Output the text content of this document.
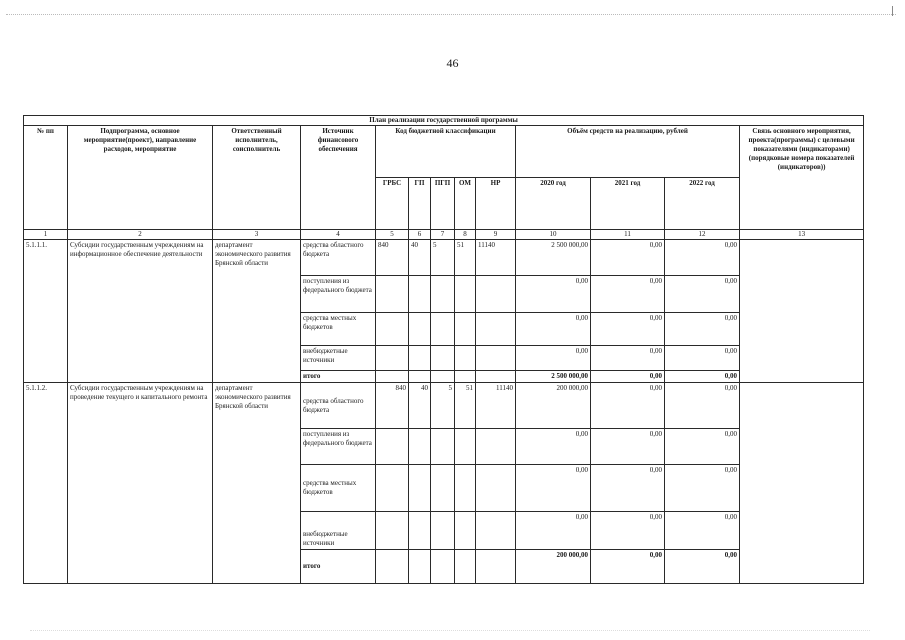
46
План реализации государственной программы												
№ пп	Подпрограмма, основное мероприятие(проект), направление расходов, мероприятие	Ответственный исполнитель, соисполнитель	Источник финансового обеспечения	Код бюджетной классификации					Объём средств на реализацию, рублей			Связь основного мероприятия, проекта(программы) с целевыми показателями (индикаторами) (порядковые номера показателей (индикаторов))
				ГРБС	ГП	ПГП	ОМ	НР	2020 год	2021 год	2022 год	
1	2	3	4	5	6	7	8	9	10	11	12	13
5.1.1.1.	Субсидии государственным учреждениям на информационное обеспечение деятельности	департамент экономического развития Брянской области	средства областного бюджета	840	40	5	51	11140	2 500 000,00	0,00	0,00	
			поступления из федерального бюджета						0,00	0,00	0,00	
			средства местных бюджетов						0,00	0,00	0,00	
			внебюджетные источники						0,00	0,00	0,00	
			итого						2 500 000,00	0,00	0,00	
5.1.1.2.	Субсидии государственным учреждениям на проведение текущего и капитального ремонта	департамент экономического развития Брянской области	средства областного бюджета	840	40	5	51	11140	200 000,00	0,00	0,00	
			поступления из федерального бюджета						0,00	0,00	0,00	
			средства местных бюджетов						0,00	0,00	0,00	
			внебюджетные источники						0,00	0,00	0,00	
			итого						200 000,00	0,00	0,00	
